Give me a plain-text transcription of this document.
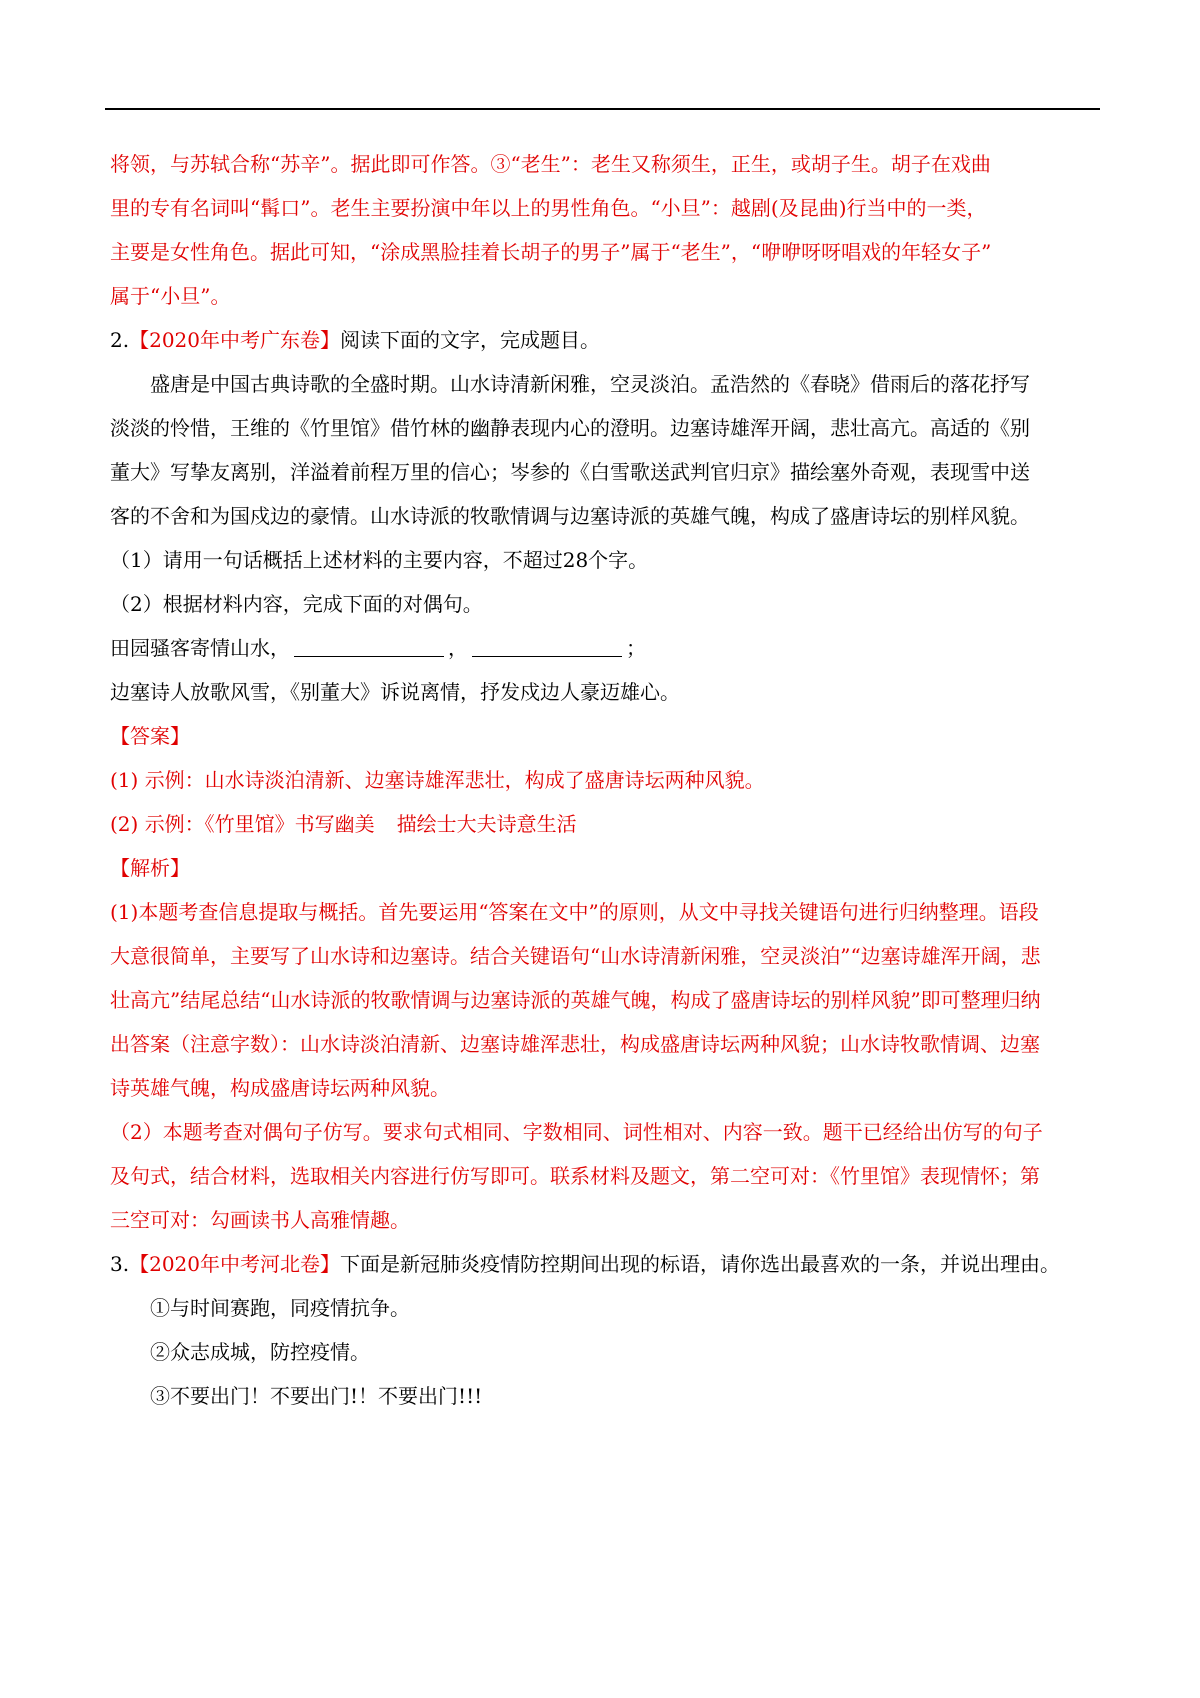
将领，与苏轼合称“苏辛”。据此即可作答。③“老生”：老生又称须生，正生，或胡子生。胡子在戏曲

里的专有名词叫“髯口”。老生主要扮演中年以上的男性角色。“小旦”：越剧(及昆曲)行当中的一类，

主要是女性角色。据此可知，“涂成黑脸挂着长胡子的男子”属于“老生”，“咿咿呀呀唱戏的年轻女子”

属于“小旦”。

2.【2020年中考广东卷】阅读下面的文字，完成题目。

盛唐是中国古典诗歌的全盛时期。山水诗清新闲雅，空灵淡泊。孟浩然的《春晓》借雨后的落花抒写

淡淡的怜惜，王维的《竹里馆》借竹林的幽静表现内心的澄明。边塞诗雄浑开阔，悲壮高亢。高适的《别

董大》写挚友离别，洋溢着前程万里的信心；岑参的《白雪歌送武判官归京》描绘塞外奇观，表现雪中送

客的不舍和为国戍边的豪情。山水诗派的牧歌情调与边塞诗派的英雄气魄，构成了盛唐诗坛的别样风貌。

（1）请用一句话概括上述材料的主要内容，不超过28个字。

（2）根据材料内容，完成下面的对偶句。

田园骚客寄情山水，	，	；

边塞诗人放歌风雪，《别董大》诉说离情，抒发戍边人豪迈雄心。

【答案】

(1) 示例：山水诗淡泊清新、边塞诗雄浑悲壮，构成了盛唐诗坛两种风貌。

(2) 示例：《竹里馆》书写幽美 描绘士大夫诗意生活

【解析】

(1)本题考查信息提取与概括。首先要运用“答案在文中”的原则，从文中寻找关键语句进行归纳整理。语段

大意很简单，主要写了山水诗和边塞诗。结合关键语句“山水诗清新闲雅，空灵淡泊”“边塞诗雄浑开阔，悲

壮高亢”结尾总结“山水诗派的牧歌情调与边塞诗派的英雄气魄，构成了盛唐诗坛的别样风貌”即可整理归纳

出答案（注意字数）：山水诗淡泊清新、边塞诗雄浑悲壮，构成盛唐诗坛两种风貌；山水诗牧歌情调、边塞

诗英雄气魄，构成盛唐诗坛两种风貌。

（2）本题考查对偶句子仿写。要求句式相同、字数相同、词性相对、内容一致。题干已经给出仿写的句子

及句式，结合材料，选取相关内容进行仿写即可。联系材料及题文，第二空可对：《竹里馆》表现情怀；第

三空可对：勾画读书人高雅情趣。

3.【2020年中考河北卷】下面是新冠肺炎疫情防控期间出现的标语，请你选出最喜欢的一条，并说出理由。

①与时间赛跑，同疫情抗争。

②众志成城，防控疫情。

③不要出门！不要出门!！不要出门!!!
